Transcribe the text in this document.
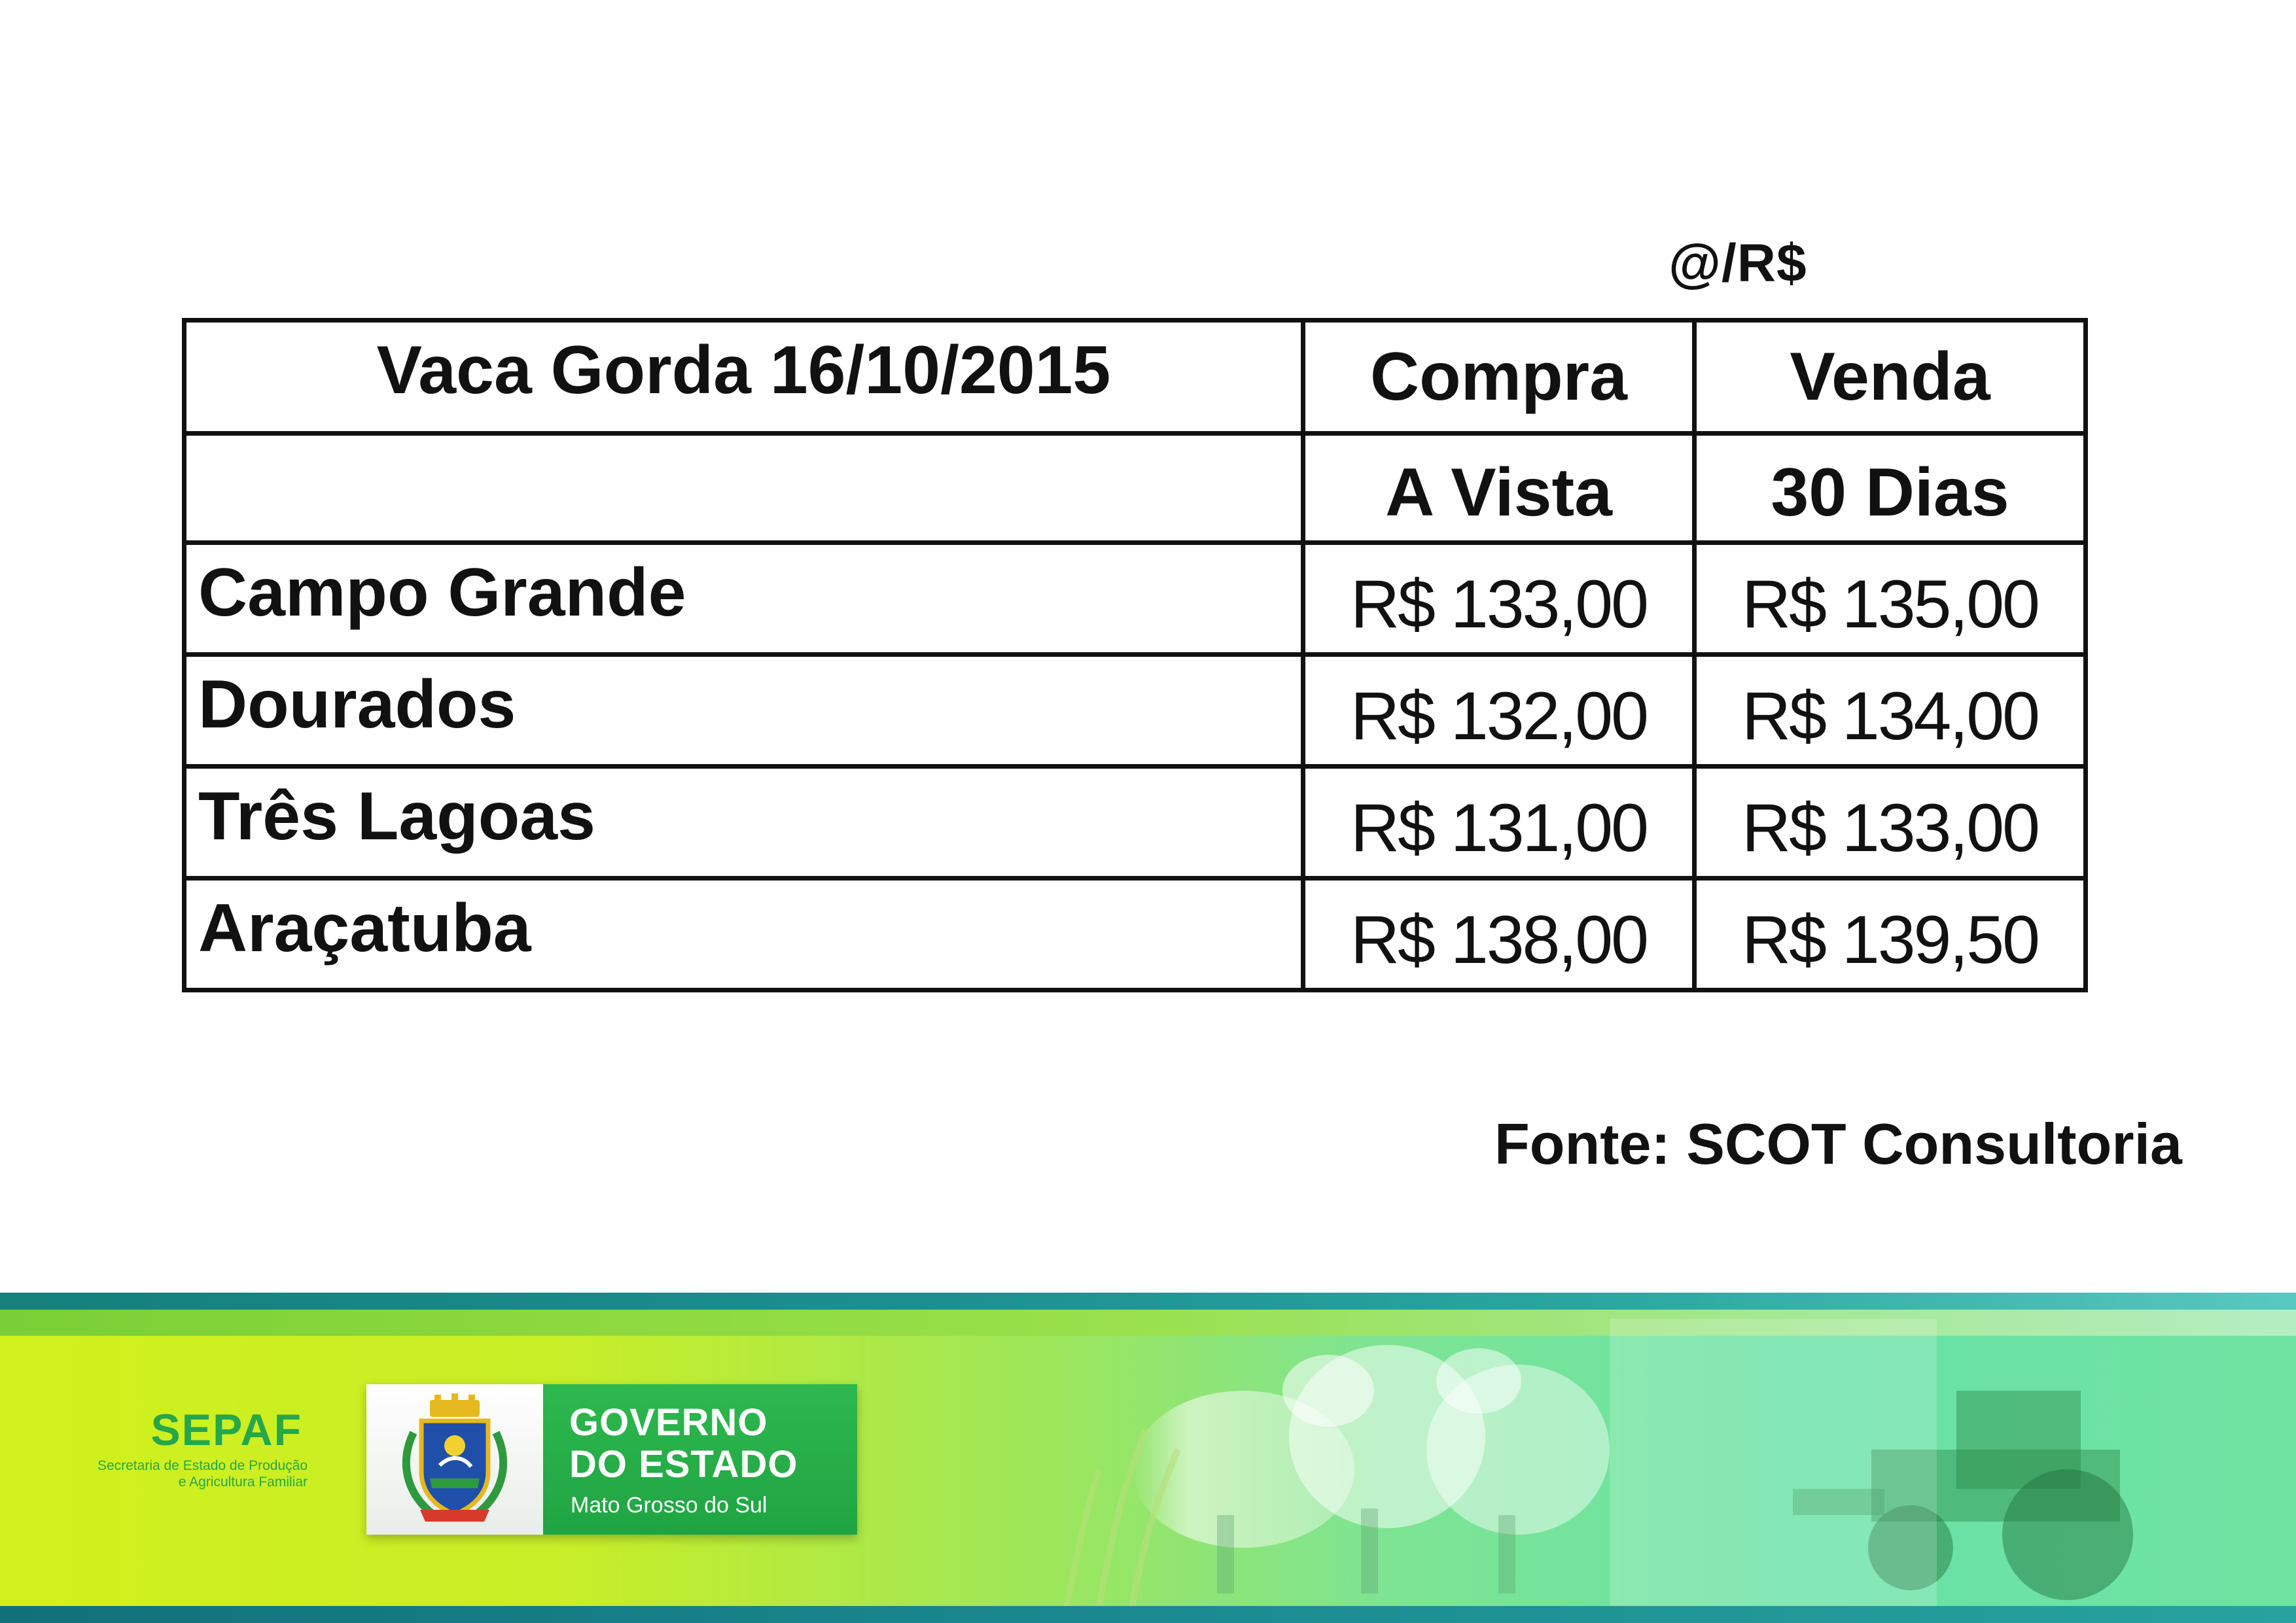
@/R$
Vaca Gorda 16/10/2015	Compra	Venda
	A Vista	30 Dias
Campo Grande	R$ 133,00	R$ 135,00
Dourados	R$ 132,00	R$ 134,00
Três Lagoas	R$ 131,00	R$ 133,00
Araçatuba	R$ 138,00	R$ 139,50
Fonte: SCOT Consultoria
SEPAF
Secretaria de Estado de Produção
e Agricultura Familiar
GOVERNO
DO ESTADO
Mato Grosso do Sul
